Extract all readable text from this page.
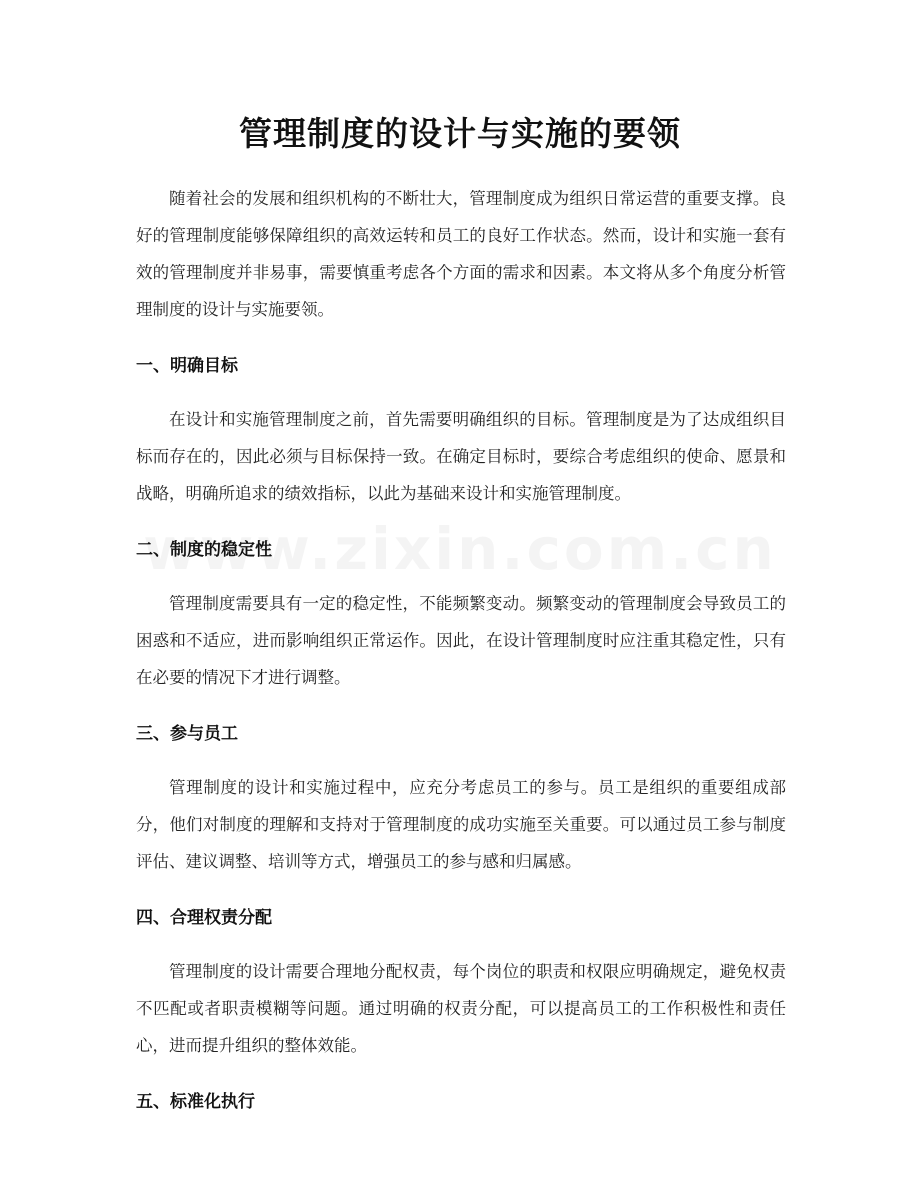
管理制度的设计与实施的要领

随着社会的发展和组织机构的不断壮大，管理制度成为组织日常运营的重要支撑。良好的管理制度能够保障组织的高效运转和员工的良好工作状态。然而，设计和实施一套有效的管理制度并非易事，需要慎重考虑各个方面的需求和因素。本文将从多个角度分析管理制度的设计与实施要领。

一、明确目标

在设计和实施管理制度之前，首先需要明确组织的目标。管理制度是为了达成组织目标而存在的，因此必须与目标保持一致。在确定目标时，要综合考虑组织的使命、愿景和战略，明确所追求的绩效指标，以此为基础来设计和实施管理制度。

二、制度的稳定性

管理制度需要具有一定的稳定性，不能频繁变动。频繁变动的管理制度会导致员工的困惑和不适应，进而影响组织正常运作。因此，在设计管理制度时应注重其稳定性，只有在必要的情况下才进行调整。

三、参与员工

管理制度的设计和实施过程中，应充分考虑员工的参与。员工是组织的重要组成部分，他们对制度的理解和支持对于管理制度的成功实施至关重要。可以通过员工参与制度评估、建议调整、培训等方式，增强员工的参与感和归属感。

四、合理权责分配

管理制度的设计需要合理地分配权责，每个岗位的职责和权限应明确规定，避免权责不匹配或者职责模糊等问题。通过明确的权责分配，可以提高员工的工作积极性和责任心，进而提升组织的整体效能。

五、标准化执行
